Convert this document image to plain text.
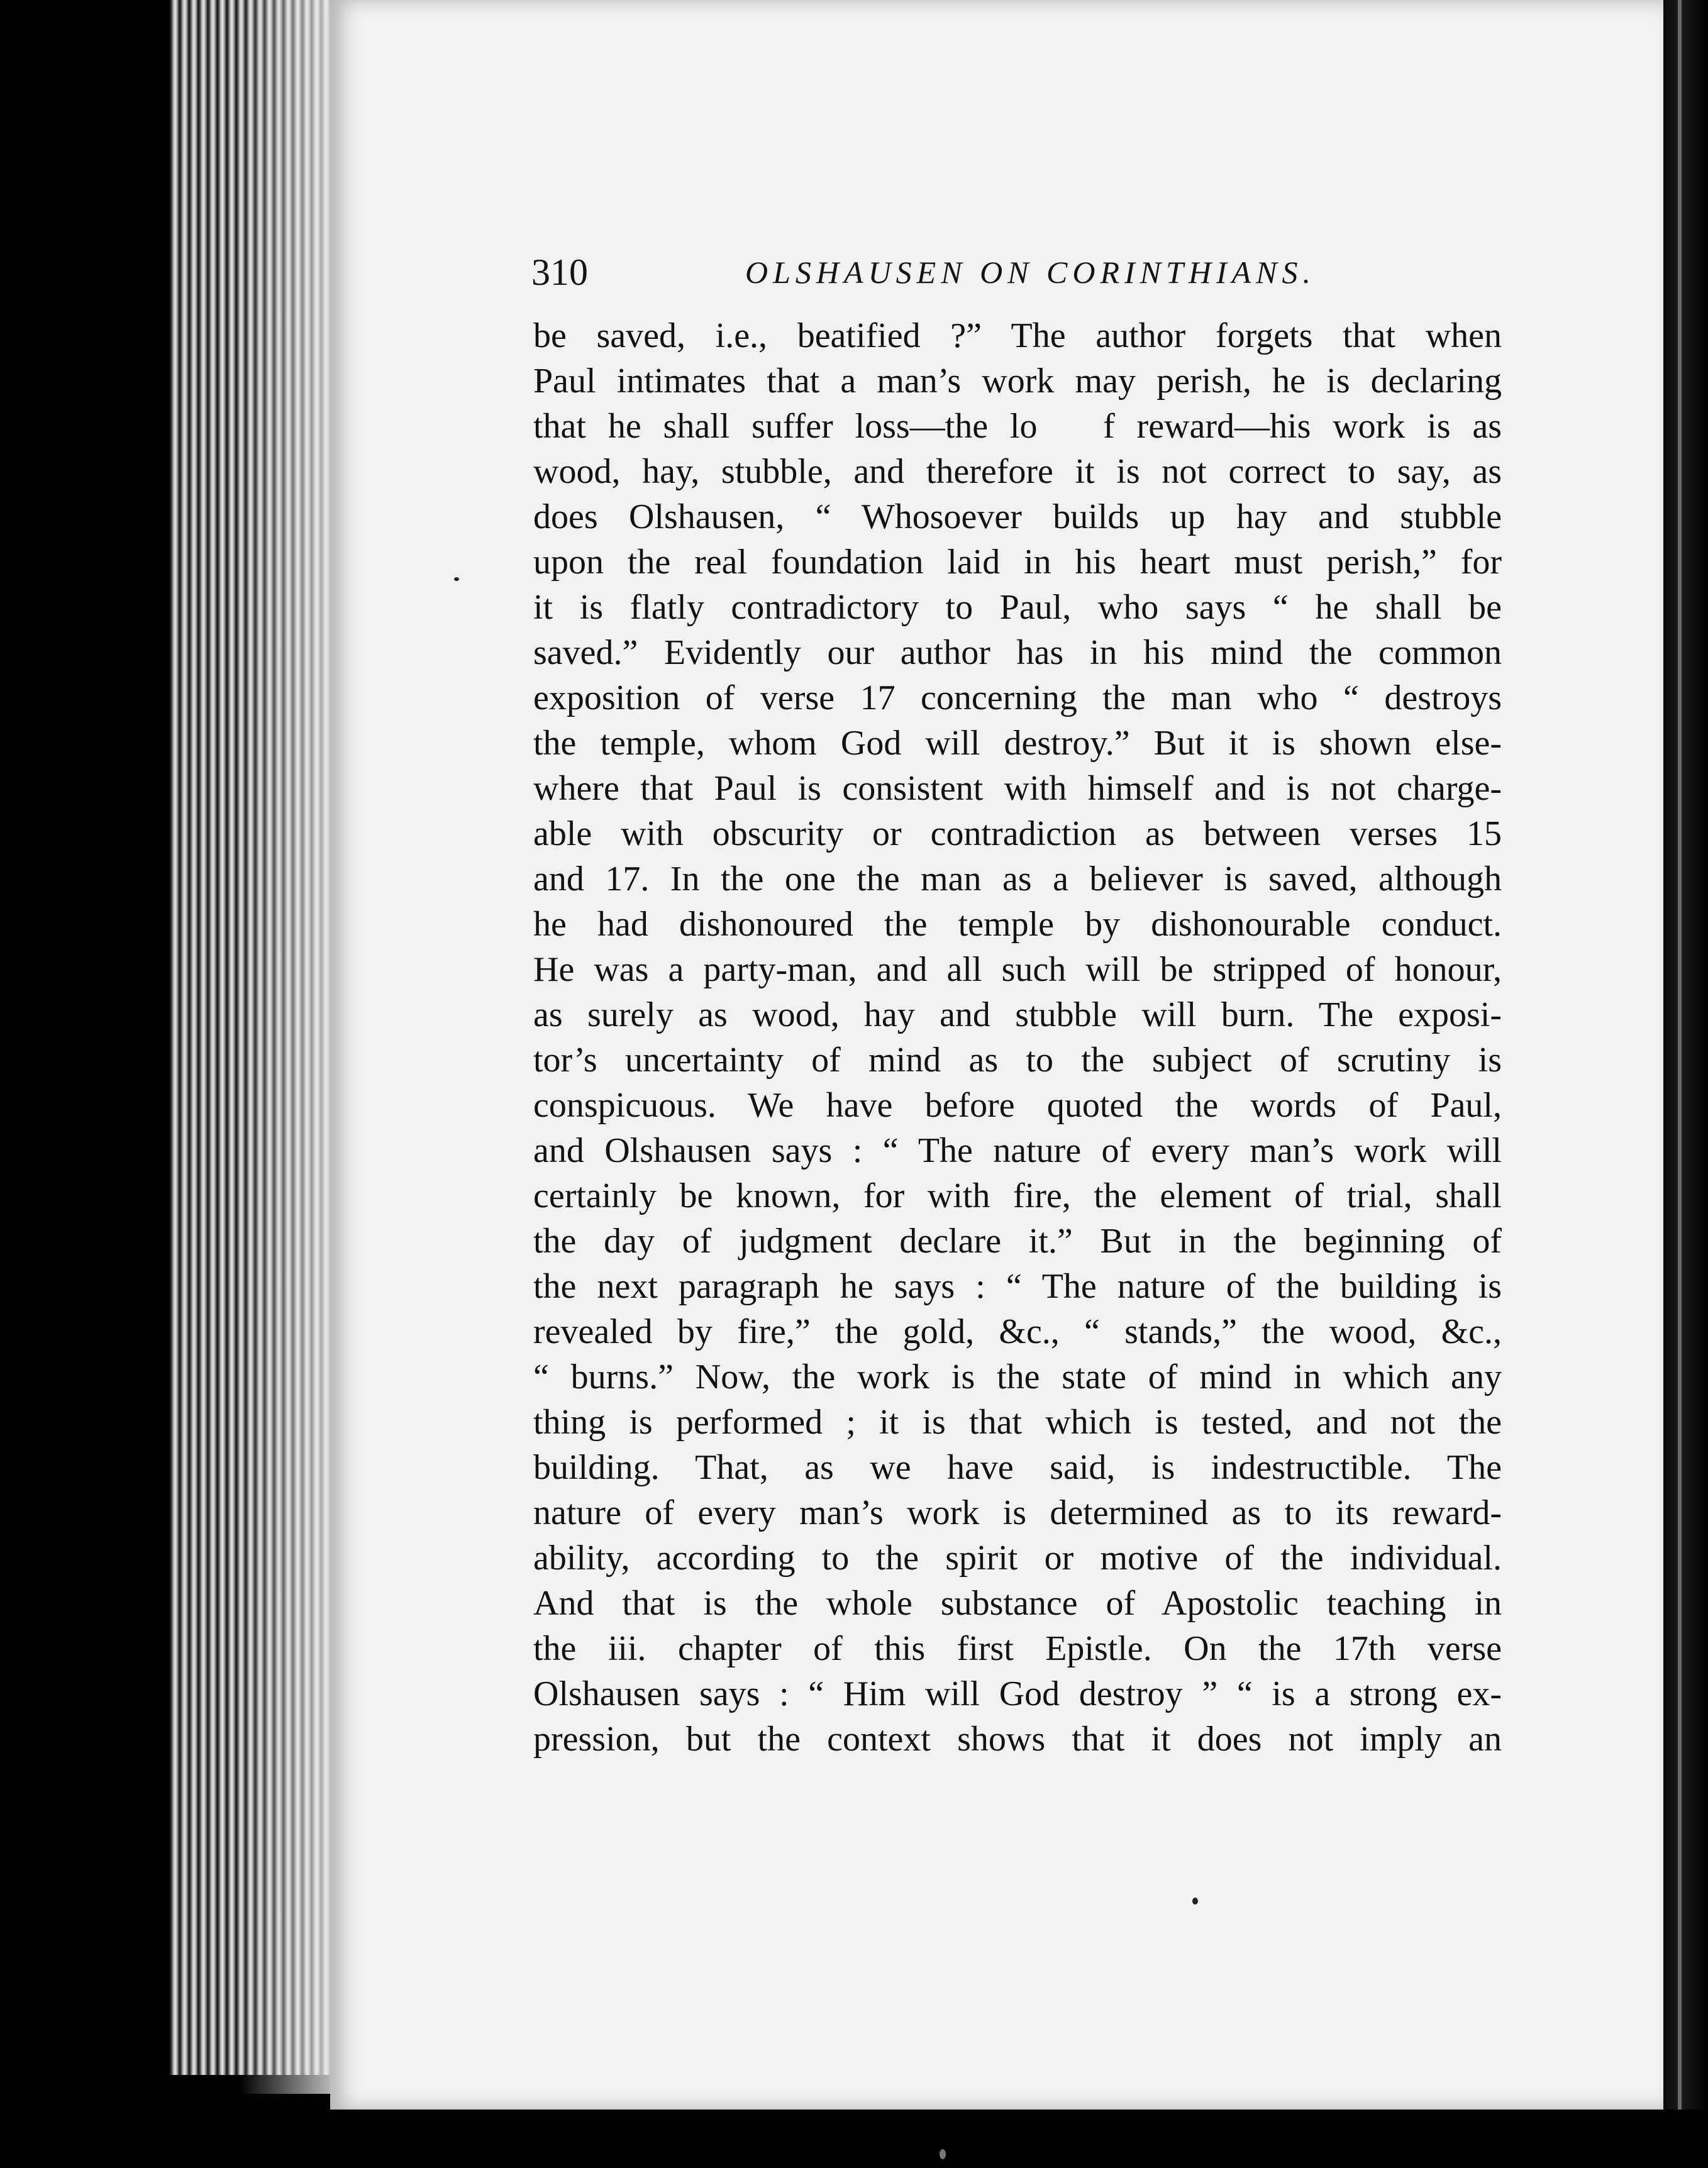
310	OLSHAUSEN ON CORINTHIANS.
be saved, i.e., beatified ?” The author forgets that when
Paul intimates that a man’s work may perish, he is declaring
that he shall suffer loss—the lo   f reward—his work is as
wood, hay, stubble, and therefore it is not correct to say, as
does Olshausen, “ Whosoever builds up hay and stubble
upon the real foundation laid in his heart must perish,” for
it is flatly contradictory to Paul, who says “ he shall be
saved.” Evidently our author has in his mind the common
exposition of verse 17 concerning the man who “ destroys
the temple, whom God will destroy.” But it is shown else-
where that Paul is consistent with himself and is not charge-
able with obscurity or contradiction as between verses 15
and 17. In the one the man as a believer is saved, although
he had dishonoured the temple by dishonourable conduct.
He was a party-man, and all such will be stripped of honour,
as surely as wood, hay and stubble will burn. The exposi-
tor’s uncertainty of mind as to the subject of scrutiny is
conspicuous. We have before quoted the words of Paul,
and Olshausen says : “ The nature of every man’s work will
certainly be known, for with fire, the element of trial, shall
the day of judgment declare it.” But in the beginning of
the next paragraph he says : “ The nature of the building is
revealed by fire,” the gold, &c., “ stands,” the wood, &c.,
“ burns.” Now, the work is the state of mind in which any
thing is performed ; it is that which is tested, and not the
building. That, as we have said, is indestructible. The
nature of every man’s work is determined as to its reward-
ability, according to the spirit or motive of the individual.
And that is the whole substance of Apostolic teaching in
the iii. chapter of this first Epistle. On the 17th verse
Olshausen says : “ Him will God destroy ” “ is a strong ex-
pression, but the context shows that it does not imply an
